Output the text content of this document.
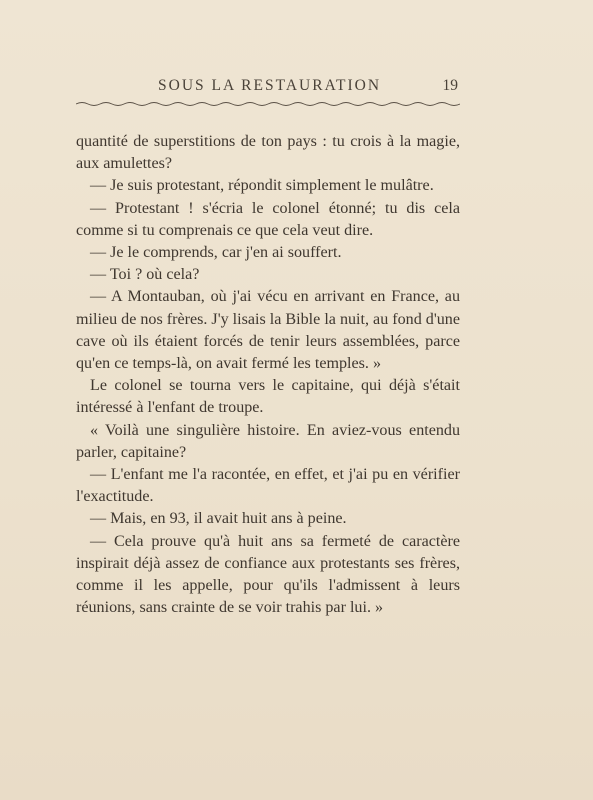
SOUS LA RESTAURATION	19

quantité de superstitions de ton pays : tu crois à la magie, aux amulettes?

— Je suis protestant, répondit simplement le mulâtre.

— Protestant ! s'écria le colonel étonné; tu dis cela comme si tu comprenais ce que cela veut dire.

— Je le comprends, car j'en ai souffert.

— Toi ? où cela?

— A Montauban, où j'ai vécu en arrivant en France, au milieu de nos frères. J'y lisais la Bible la nuit, au fond d'une cave où ils étaient forcés de tenir leurs assemblées, parce qu'en ce temps-là, on avait fermé les temples. »

Le colonel se tourna vers le capitaine, qui déjà s'était intéressé à l'enfant de troupe.

« Voilà une singulière histoire. En aviez-vous entendu parler, capitaine?

— L'enfant me l'a racontée, en effet, et j'ai pu en vérifier l'exactitude.

— Mais, en 93, il avait huit ans à peine.

— Cela prouve qu'à huit ans sa fermeté de caractère inspirait déjà assez de confiance aux protestants ses frères, comme il les appelle, pour qu'ils l'admissent à leurs réunions, sans crainte de se voir trahis par lui. »
